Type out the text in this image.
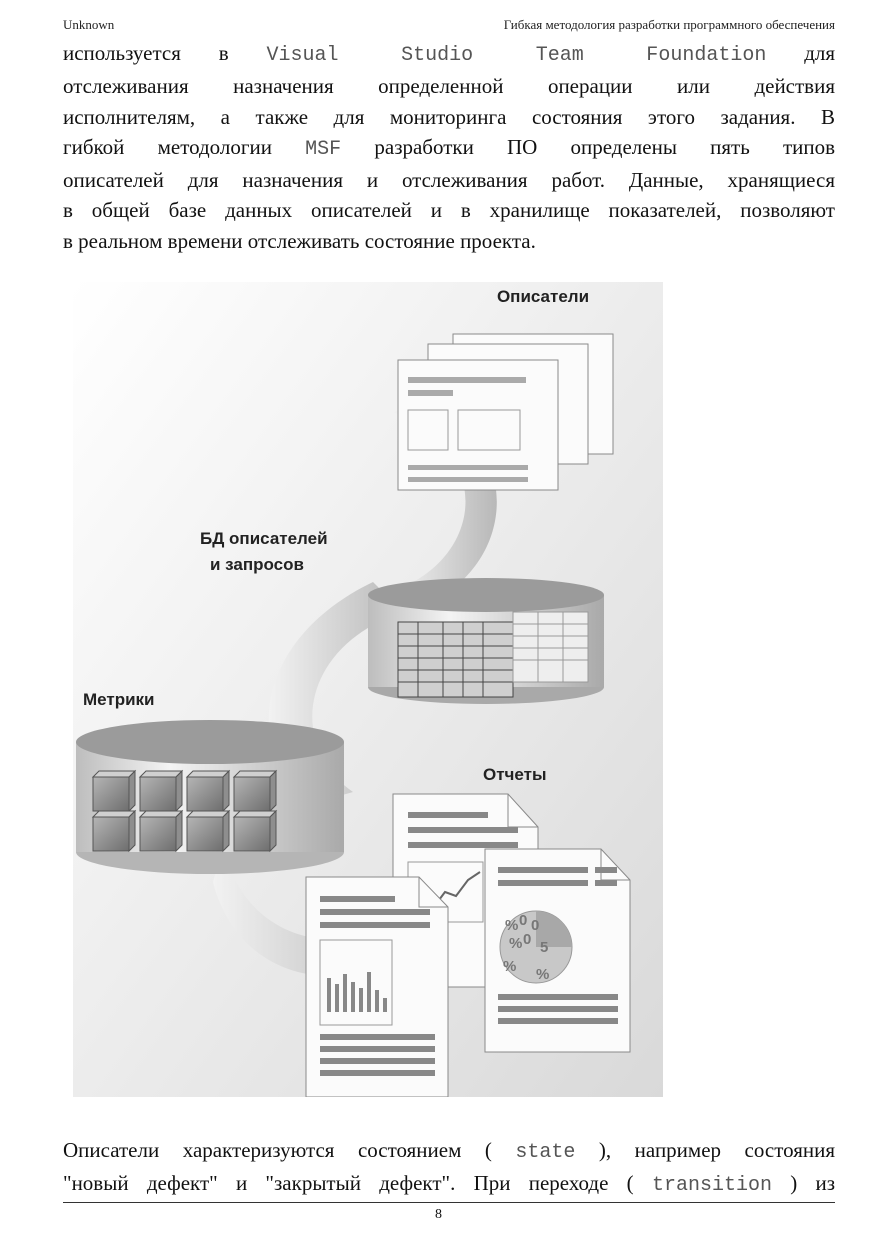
Unknown	Гибкая методология разработки программного обеспечения
используется в Visual Studio Team Foundation для
отслеживания назначения определенной операции или действия
исполнителям, а также для мониторинга состояния этого задания. В
гибкой методологии MSF разработки ПО определены пять типов
описателей для назначения и отслеживания работ. Данные, хранящиеся
в общей базе данных описателей и в хранилище показателей, позволяют
в реальном времени отслеживать состояние проекта.
Описатели
БД описателей
и запросов
Метрики
Отчеты
% 0 0
% 0 5
% %
Описатели характеризуются состоянием ( state ), например состояния
"новый дефект" и "закрытый дефект". При переходе ( transition ) из
8
